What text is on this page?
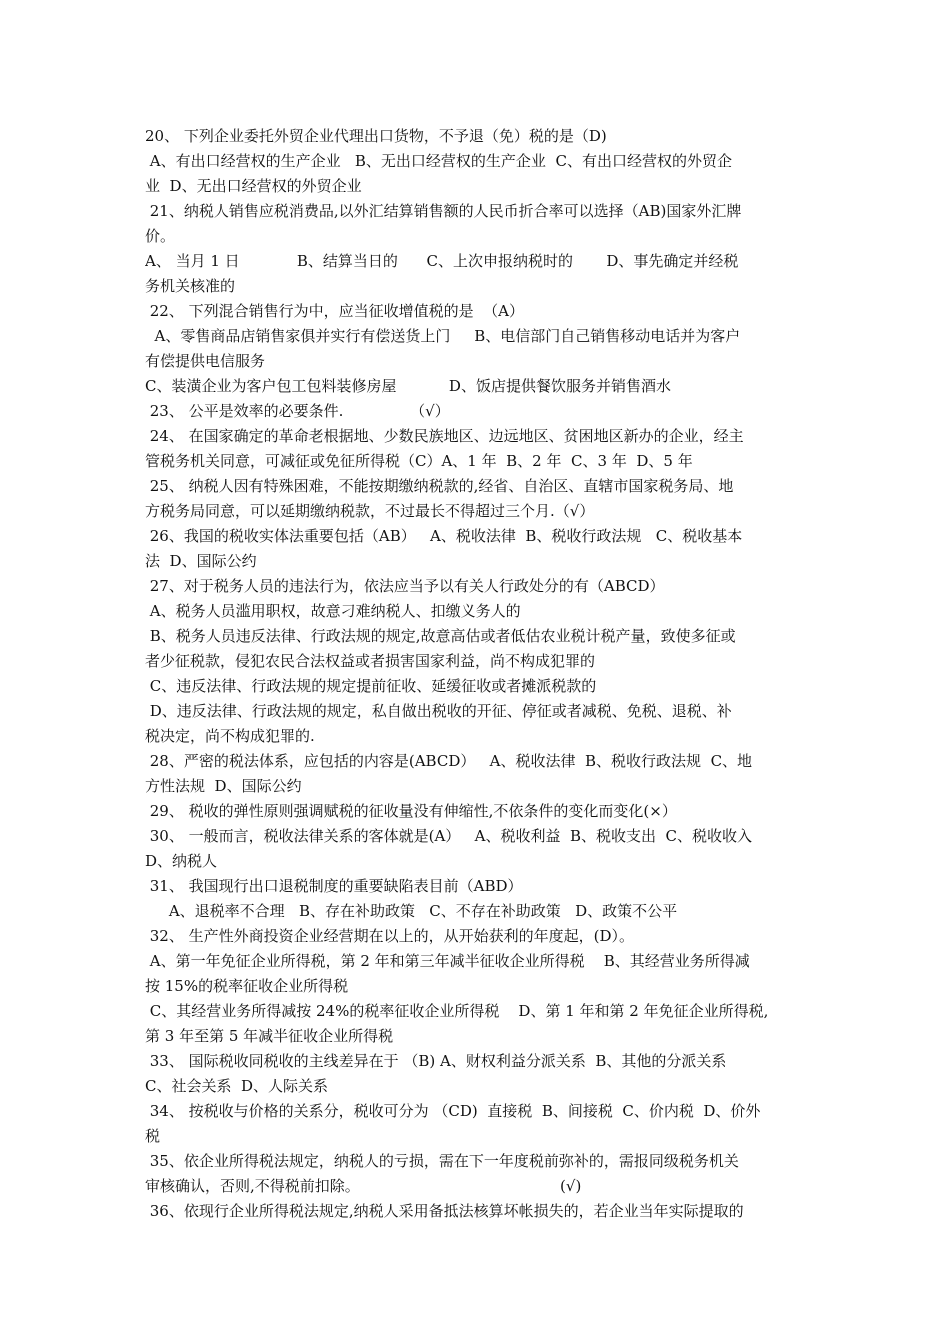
20、 下列企业委托外贸企业代理出口货物，不予退（免）税的是（D)
A、有出口经营权的生产企业   B、无出口经营权的生产企业  C、有出口经营权的外贸企
业  D、无出口经营权的外贸企业
21、纳税人销售应税消费品,以外汇结算销售额的人民币折合率可以选择（AB)国家外汇牌
价。
A、 当月 1 日            B、结算当日的      C、上次申报纳税时的       D、事先确定并经税
务机关核准的
22、 下列混合销售行为中，应当征收增值税的是  （A）
A、零售商品店销售家俱并实行有偿送货上门     B、电信部门自己销售移动电话并为客户
有偿提供电信服务
C、装潢企业为客户包工包料装修房屋           D、饭店提供餐饮服务并销售酒水
23、 公平是效率的必要条件.              （√）
24、 在国家确定的革命老根据地、少数民族地区、边远地区、贫困地区新办的企业，经主
管税务机关同意，可减征或免征所得税（C）A、1 年  B、2 年  C、3 年  D、5 年
25、 纳税人因有特殊困难，不能按期缴纳税款的,经省、自治区、直辖市国家税务局、地
方税务局同意，可以延期缴纳税款，不过最长不得超过三个月.（√）
26、我国的税收实体法重要包括（AB）   A、税收法律  B、税收行政法规   C、税收基本
法  D、国际公约
27、对于税务人员的违法行为，依法应当予以有关人行政处分的有（ABCD）
A、税务人员滥用职权，故意刁难纳税人、扣缴义务人的
B、税务人员违反法律、行政法规的规定,故意高估或者低估农业税计税产量，致使多征或
者少征税款，侵犯农民合法权益或者损害国家利益，尚不构成犯罪的
C、违反法律、行政法规的规定提前征收、延缓征收或者摊派税款的
D、违反法律、行政法规的规定，私自做出税收的开征、停征或者减税、免税、退税、补
税决定，尚不构成犯罪的.
28、严密的税法体系，应包括的内容是(ABCD）   A、税收法律  B、税收行政法规  C、地
方性法规  D、国际公约
29、 税收的弹性原则强调赋税的征收量没有伸缩性,不依条件的变化而变化(×）
30、 一般而言，税收法律关系的客体就是(A）   A、税收利益  B、税收支出  C、税收收入
D、纳税人
31、 我国现行出口退税制度的重要缺陷表目前（ABD）
A、退税率不合理   B、存在补助政策   C、不存在补助政策   D、政策不公平
32、 生产性外商投资企业经营期在以上的，从开始获利的年度起，(D）。
A、第一年免征企业所得税，第 2 年和第三年减半征收企业所得税    B、其经营业务所得减
按 15%的税率征收企业所得税
C、其经营业务所得减按 24%的税率征收企业所得税    D、第 1 年和第 2 年免征企业所得税,
第 3 年至第 5 年减半征收企业所得税
33、 国际税收同税收的主线差异在于 （B) A、财权利益分派关系  B、其他的分派关系
C、社会关系  D、人际关系
34、 按税收与价格的关系分，税收可分为 （CD)  直接税  B、间接税  C、价内税  D、价外
税
35、依企业所得税法规定，纳税人的亏损，需在下一年度税前弥补的，需报同级税务机关
审核确认，否则,不得税前扣除。                                          (√)
36、依现行企业所得税法规定,纳税人采用备抵法核算坏帐损失的，若企业当年实际提取的
